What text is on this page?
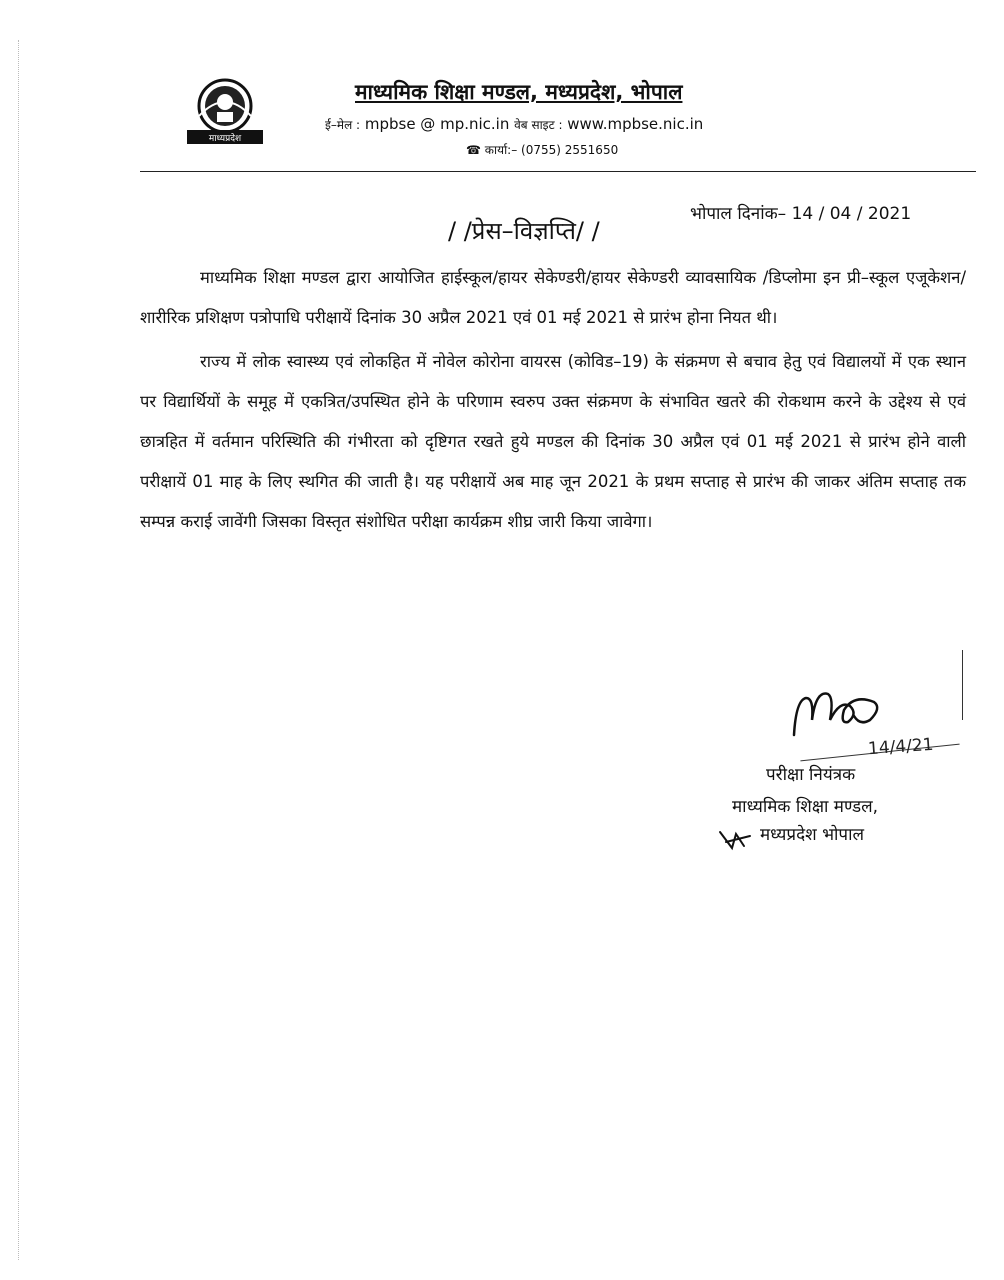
माध्यप्रदेश
माध्यमिक शिक्षा मण्डल, मध्यप्रदेश, भोपाल
ई–मेल : mpbse @ mp.nic.in वेब साइट : www.mpbse.nic.in
☎ कार्या:– (0755) 2551650
भोपाल दिनांक– 14 / 04 / 2021
/ /प्रेस–विज्ञप्ति/ /

माध्यमिक शिक्षा मण्डल द्वारा आयोजित हाईस्कूल/हायर सेकेण्डरी/हायर सेकेण्डरी व्यावसायिक /डिप्लोमा इन प्री–स्कूल एजूकेशन/शारीरिक प्रशिक्षण पत्रोपाधि परीक्षायें दिनांक 30 अप्रैल 2021 एवं 01 मई 2021 से प्रारंभ होना नियत थी।

राज्य में लोक स्वास्थ्य एवं लोकहित में नोवेल कोरोना वायरस (कोविड–19) के संक्रमण से बचाव हेतु एवं विद्यालयों में एक स्थान पर विद्यार्थियों के समूह में एकत्रित/उपस्थित होने के परिणाम स्वरुप उक्त संक्रमण के संभावित खतरे की रोकथाम करने के उद्देश्य से एवं छात्रहित में वर्तमान परिस्थिति की गंभीरता को दृष्टिगत रखते हुये मण्डल की दिनांक 30 अप्रैल एवं 01 मई 2021 से प्रारंभ होने वाली परीक्षायें 01 माह के लिए स्थगित की जाती है। यह परीक्षायें अब माह जून 2021 के प्रथम सप्ताह से प्रारंभ की जाकर अंतिम सप्ताह तक सम्पन्न कराई जावेंगी जिसका विस्तृत संशोधित परीक्षा कार्यक्रम शीघ्र जारी किया जावेगा।

14/4/21
परीक्षा नियंत्रक
माध्यमिक शिक्षा मण्डल,
मध्यप्रदेश भोपाल
